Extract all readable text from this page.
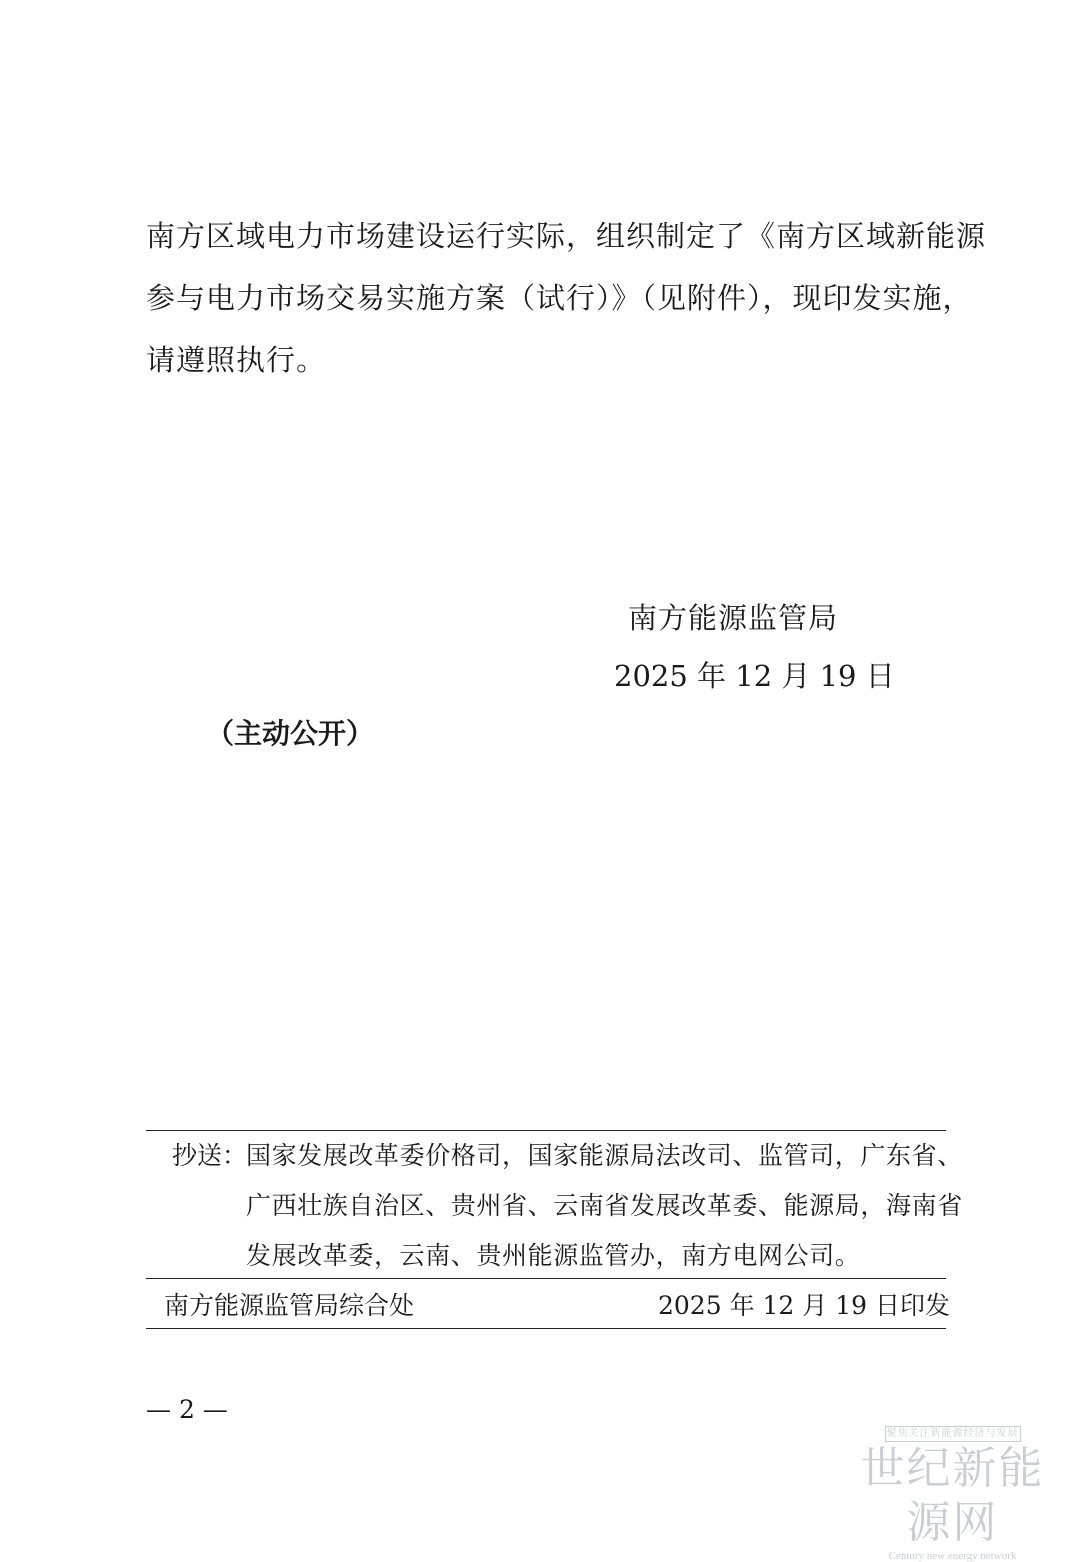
南方区域电力市场建设运行实际，组织制定了《南方区域新能源
参与电力市场交易实施方案（试行）》（见附件），现印发实施，
请遵照执行。
南方能源监管局
2025 年 12 月 19 日
（主动公开）
抄送：
国家发展改革委价格司，国家能源局法改司、监管司，广东省、
广西壮族自治区、贵州省、云南省发展改革委、能源局，海南省
发展改革委，云南、贵州能源监管办，南方电网公司。
南方能源监管局综合处	2025 年 12 月 19 日印发
— 2 —
聚焦关注新能源经济与发展
世纪新能源网
Century new energy network
